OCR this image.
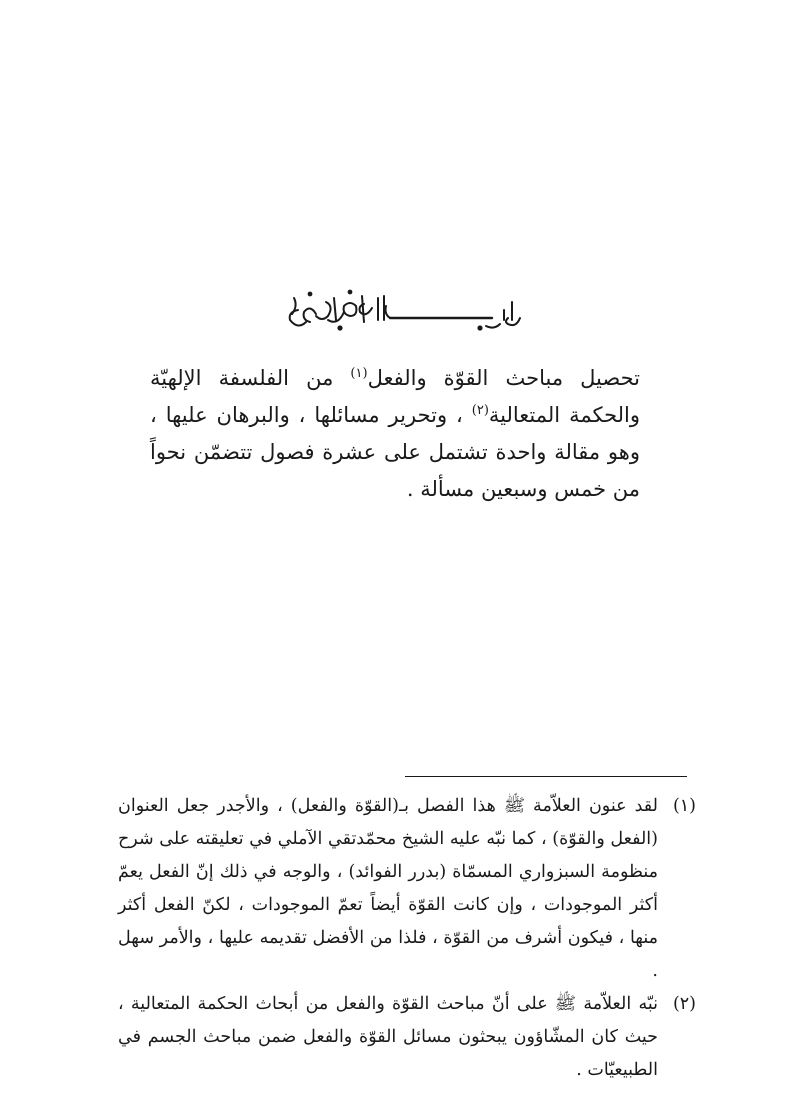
تحصيل مباحث القوّة والفعل$^{(١)}$ من الفلسفة الإلهيّة والحكمة المتعالية$^{(٢)}$ ، وتحرير مسائلها ، والبرهان عليها ، وهو مقالة واحدة تشتمل على عشرة فصول تتضمّن نحواً من خمس وسبعين مسألة .

(١)

لقد عنون العلاّمة ﷺ هذا الفصل بـ(القوّة والفعل) ، والأجدر جعل العنوان (الفعل والقوّة) ، كما نبّه عليه الشيخ محمّدتقي الآملي في تعليقته على شرح منظومة السبزواري المسمّاة (بدرر الفوائد) ، والوجه في ذلك إنّ الفعل يعمّ أكثر الموجودات ، وإن كانت القوّة أيضاً تعمّ الموجودات ، لكنّ الفعل أكثر منها ، فيكون أشرف من القوّة ، فلذا من الأفضل تقديمه عليها ، والأمر سهل .

(٢)

نبّه العلاّمة ﷺ على أنّ مباحث القوّة والفعل من أبحاث الحكمة المتعالية ، حيث كان المشّاؤون يبحثون مسائل القوّة والفعل ضمن مباحث الجسم في الطبيعيّات .
